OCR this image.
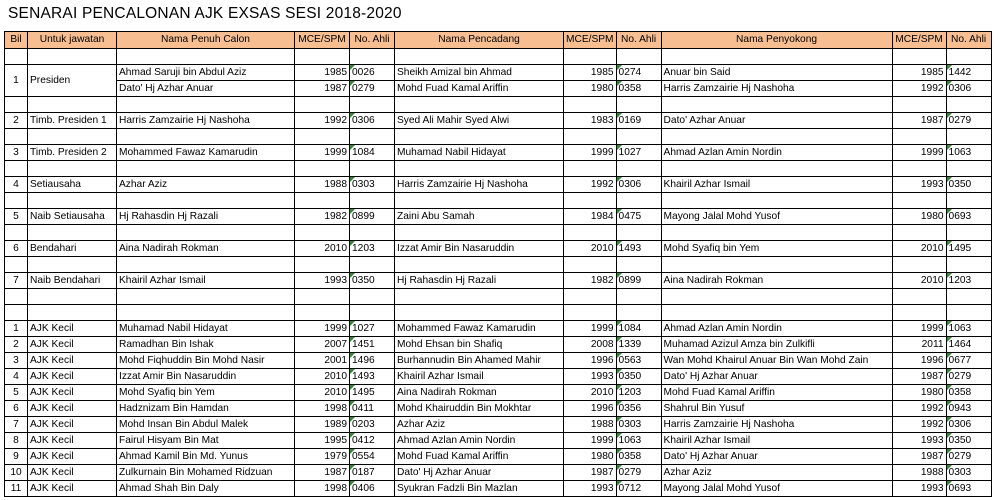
SENARAI PENCALONAN AJK EXSAS SESI 2018-2020
Bil	Untuk jawatan	Nama Penuh Calon	MCE/SPM	No. Ahli	Nama Pencadang	MCE/SPM	No. Ahli	Nama Penyokong	MCE/SPM	No. Ahli

1	Presiden	Ahmad Saruji bin Abdul Aziz	1985	0026	Sheikh Amizal bin Ahmad	1985	0274	Anuar bin Said	1985	1442
		Dato' Hj Azhar Anuar	1987	0279	Mohd Fuad Kamal Ariffin	1980	0358	Harris Zamzairie Hj Nashoha	1992	0306

2	Timb. Presiden 1	Harris Zamzairie Hj Nashoha	1992	0306	Syed Ali Mahir Syed Alwi	1983	0169	Dato' Azhar Anuar	1987	0279

3	Timb. Presiden 2	Mohammed Fawaz Kamarudin	1999	1084	Muhamad Nabil Hidayat	1999	1027	Ahmad Azlan Amin Nordin	1999	1063

4	Setiausaha	Azhar Aziz	1988	0303	Harris Zamzairie Hj Nashoha	1992	0306	Khairil Azhar Ismail	1993	0350

5	Naib Setiausaha	Hj Rahasdin Hj Razali	1982	0899	Zaini Abu Samah	1984	0475	Mayong Jalal Mohd Yusof	1980	0693

6	Bendahari	Aina Nadirah Rokman	2010	1203	Izzat Amir Bin Nasaruddin	2010	1493	Mohd Syafiq bin Yem	2010	1495

7	Naib Bendahari	Khairil Azhar Ismail	1993	0350	Hj Rahasdin Hj Razali	1982	0899	Aina Nadirah Rokman	2010	1203

1	AJK Kecil	Muhamad Nabil Hidayat	1999	1027	Mohammed Fawaz Kamarudin	1999	1084	Ahmad Azlan Amin Nordin	1999	1063
2	AJK Kecil	Ramadhan Bin Ishak	2007	1451	Mohd Ehsan bin Shafiq	2008	1339	Muhamad Azizul Amza bin Zulkifli	2011	1464
3	AJK Kecil	Mohd Fiqhuddin Bin Mohd Nasir	2001	1496	Burhannudin Bin Ahamed Mahir	1996	0563	Wan Mohd Khairul Anuar Bin Wan Mohd Zain	1996	0677
4	AJK Kecil	Izzat Amir Bin Nasaruddin	2010	1493	Khairil Azhar Ismail	1993	0350	Dato' Hj Azhar Anuar	1987	0279
5	AJK Kecil	Mohd Syafiq bin Yem	2010	1495	Aina Nadirah Rokman	2010	1203	Mohd Fuad Kamal Ariffin	1980	0358
6	AJK Kecil	Hadznizam Bin Hamdan	1998	0411	Mohd Khairuddin Bin Mokhtar	1996	0356	Shahrul Bin Yusuf	1992	0943
7	AJK Kecil	Mohd Insan Bin Abdul Malek	1989	0203	Azhar Aziz	1988	0303	Harris Zamzairie Hj Nashoha	1992	0306
8	AJK Kecil	Fairul Hisyam Bin Mat	1995	0412	Ahmad Azlan Amin Nordin	1999	1063	Khairil Azhar Ismail	1993	0350
9	AJK Kecil	Ahmad Kamil Bin Md. Yunus	1979	0554	Mohd Fuad Kamal Ariffin	1980	0358	Dato' Hj Azhar Anuar	1987	0279
10	AJK Kecil	Zulkurnain Bin Mohamed Ridzuan	1987	0187	Dato' Hj Azhar Anuar	1987	0279	Azhar Aziz	1988	0303
11	AJK Kecil	Ahmad Shah Bin Daly	1998	0406	Syukran Fadzli Bin Mazlan	1993	0712	Mayong Jalal Mohd Yusof	1993	0693
